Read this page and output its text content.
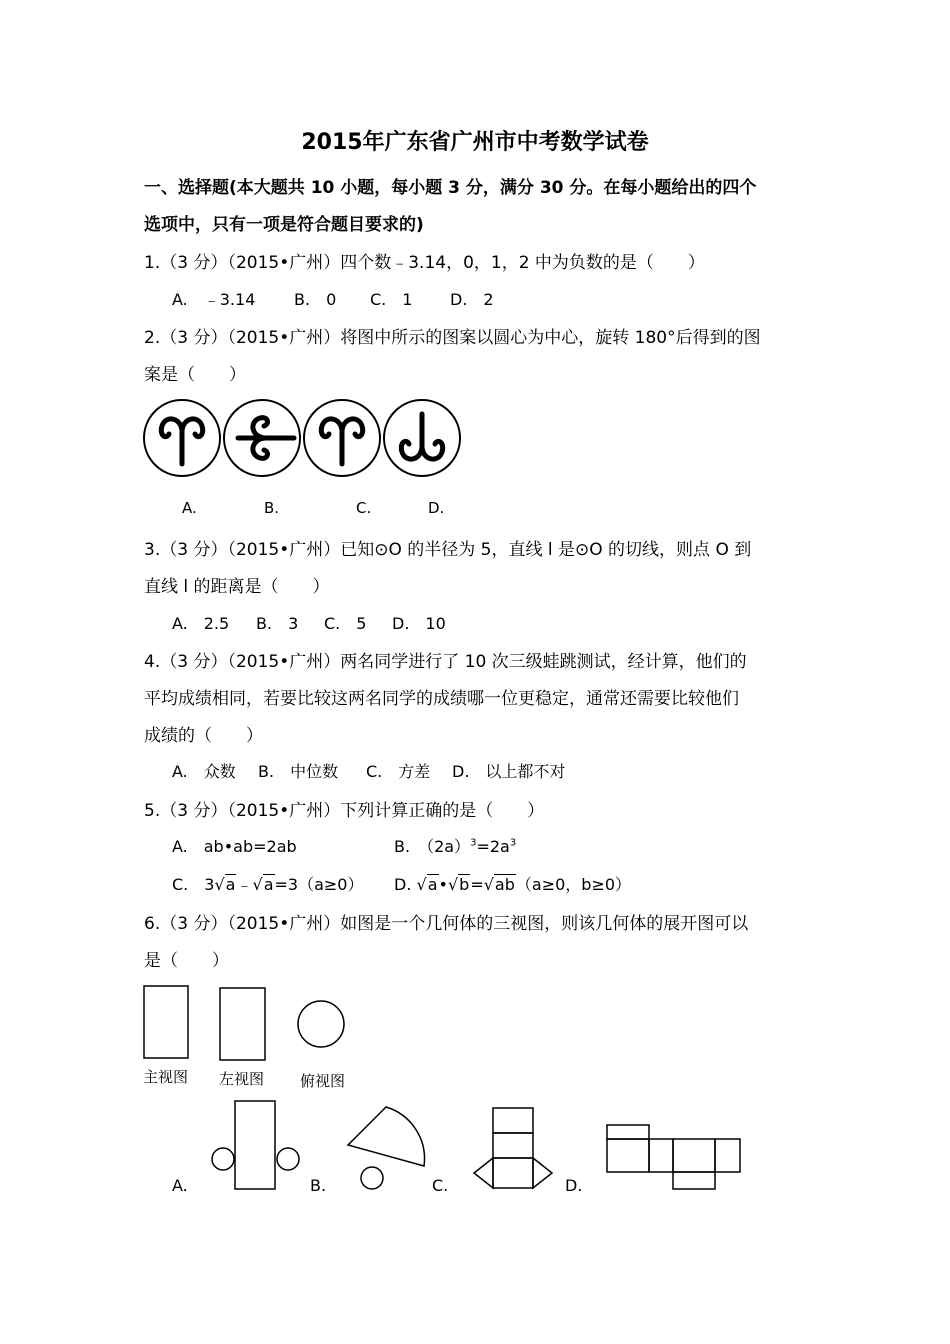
2015年广东省广州市中考数学试卷
一、选择题(本大题共 10 小题，每小题 3 分，满分 30 分。在每小题给出的四个
选项中，只有一项是符合题目要求的)
1.（3 分）（2015•广州）四个数﹣3.14，0，1，2 中为负数的是（　　）
A.　﹣3.14 B.　0 C.　1 D.　2
2.（3 分）（2015•广州）将图中所示的图案以圆心为中心，旋转 180°后得到的图
案是（　　）
A.	B.	C.	D.
3.（3 分）（2015•广州）已知⊙O 的半径为 5，直线 l 是⊙O 的切线，则点 O 到
直线 l 的距离是（　　）
A.　2.5 B.　3 C.　5 D.　10
4.（3 分）（2015•广州）两名同学进行了 10 次三级蛙跳测试，经计算，他们的
平均成绩相同，若要比较这两名同学的成绩哪一位更稳定，通常还需要比较他们
成绩的（　　）
A.　众数 B.　中位数 C.　方差 D.　以上都不对
5.（3 分）（2015•广州）下列计算正确的是（　　）
A.　ab•ab=2ab	B.　$(2a)^3=2a^3$
C.　3√a﹣√a=3（a≥0） D. √a•√b=√ab（a≥0，b≥0）
6.（3 分）（2015•广州）如图是一个几何体的三视图，则该几何体的展开图可以
是（　　）
主视图 左视图 俯视图
A.	B.	C.	D.
